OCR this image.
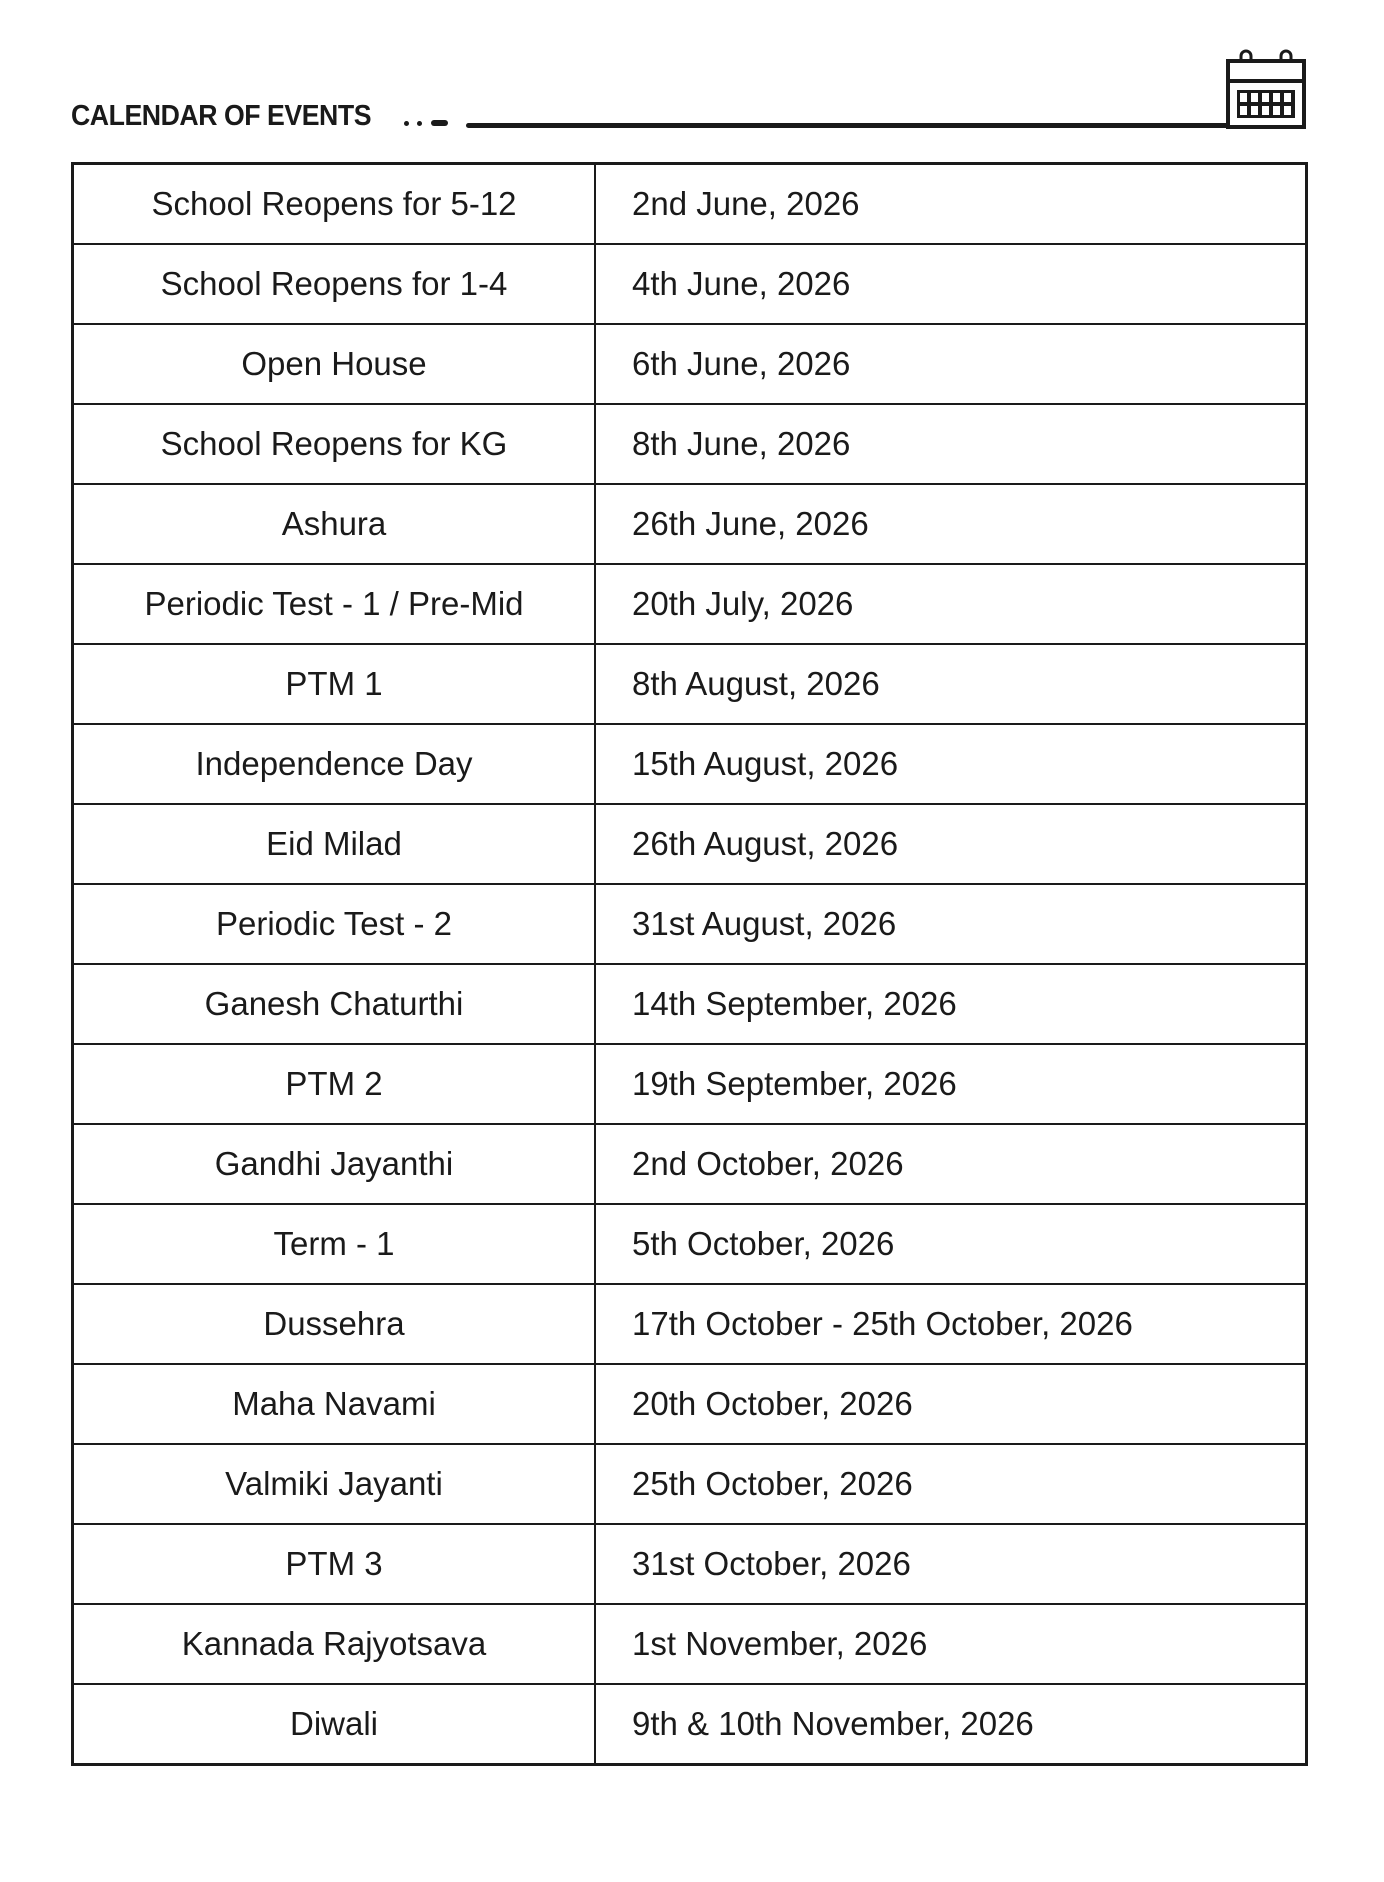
CALENDAR OF EVENTS
School Reopens for 5-12	2nd June, 2026
School Reopens for 1-4	4th June, 2026
Open House	6th June, 2026
School Reopens for KG	8th June, 2026
Ashura	26th June, 2026
Periodic Test - 1 / Pre-Mid	20th July, 2026
PTM 1	8th August, 2026
Independence Day	15th August, 2026
Eid Milad	26th August, 2026
Periodic Test - 2	31st August, 2026
Ganesh Chaturthi	14th September, 2026
PTM 2	19th September, 2026
Gandhi Jayanthi	2nd October, 2026
Term - 1	5th October, 2026
Dussehra	17th October - 25th October, 2026
Maha Navami	20th October, 2026
Valmiki Jayanti	25th October, 2026
PTM 3	31st October, 2026
Kannada Rajyotsava	1st November, 2026
Diwali	9th & 10th November, 2026
